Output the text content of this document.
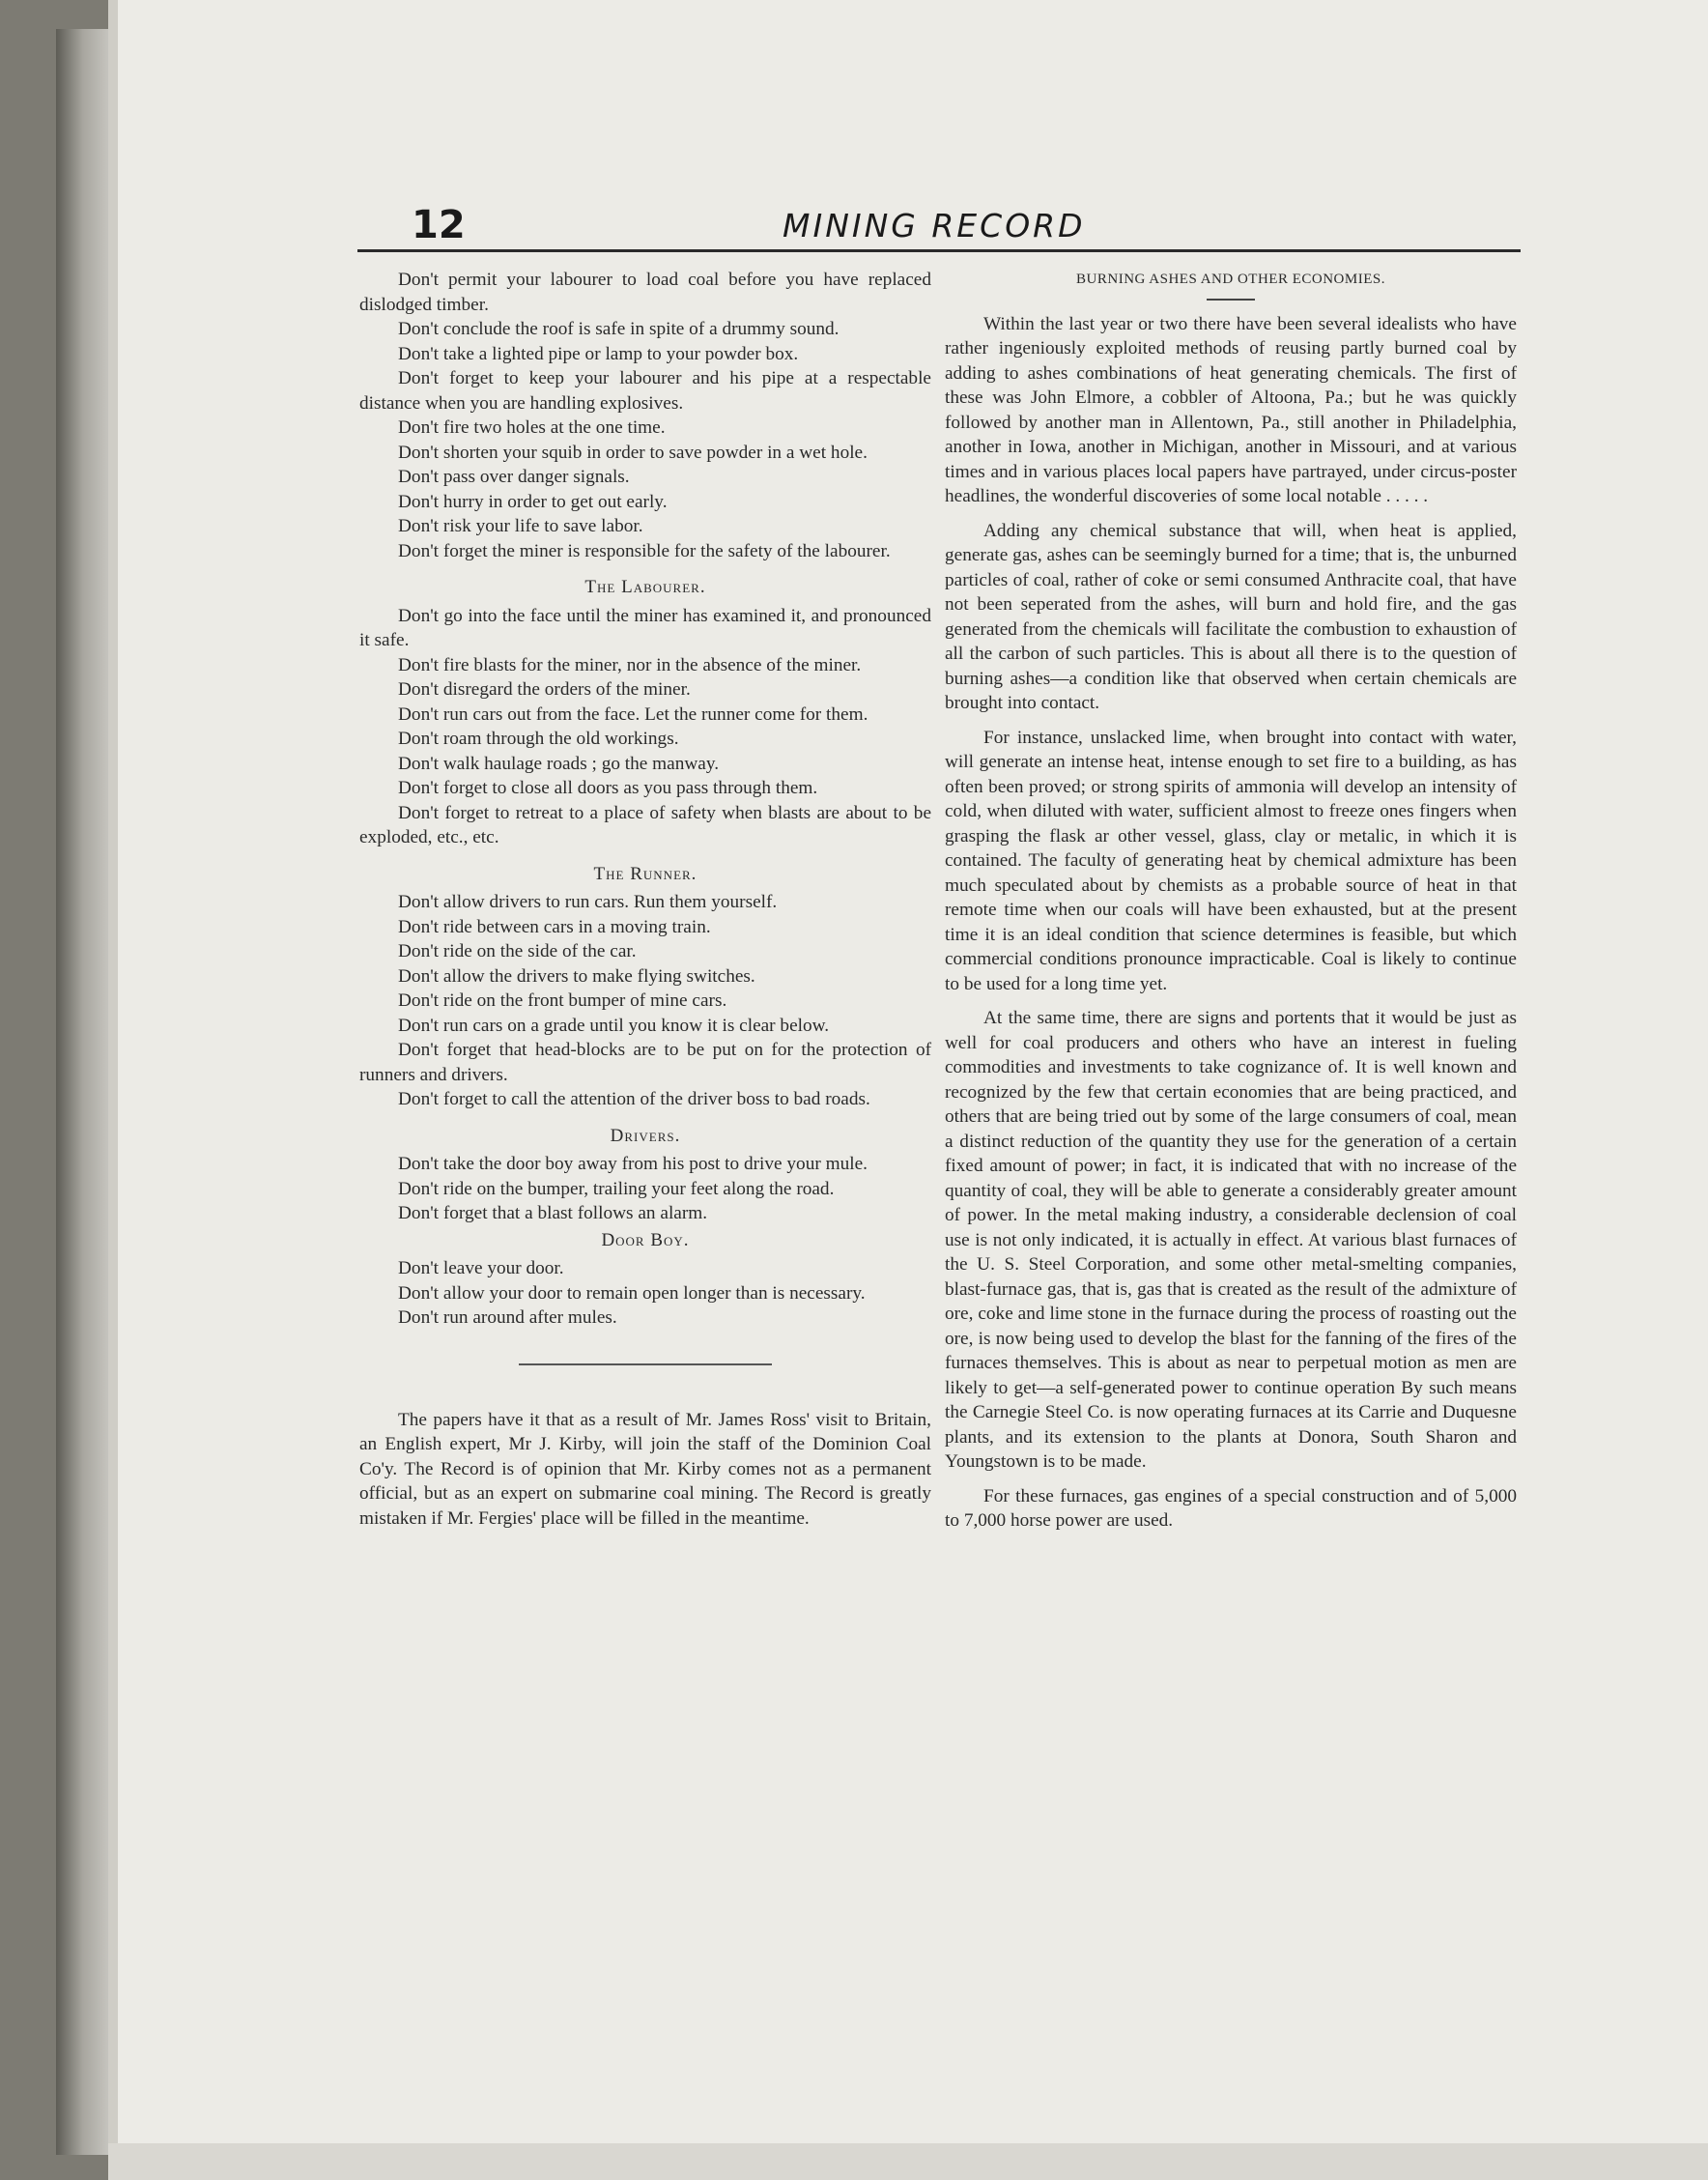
12	MINING RECORD

Don't permit your labourer to load coal before you have replaced dislodged timber.

Don't conclude the roof is safe in spite of a drummy sound.

Don't take a lighted pipe or lamp to your powder box.

Don't forget to keep your labourer and his pipe at a respectable distance when you are handling explosives.

Don't fire two holes at the one time.

Don't shorten your squib in order to save powder in a wet hole.

Don't pass over danger signals.

Don't hurry in order to get out early.

Don't risk your life to save labor.

Don't forget the miner is responsible for the safety of the labourer.

The Labourer.

Don't go into the face until the miner has examined it, and pronounced it safe.

Don't fire blasts for the miner, nor in the absence of the miner.

Don't disregard the orders of the miner.

Don't run cars out from the face. Let the runner come for them.

Don't roam through the old workings.

Don't walk haulage roads ; go the manway.

Don't forget to close all doors as you pass through them.

Don't forget to retreat to a place of safety when blasts are about to be exploded, etc., etc.

The Runner.

Don't allow drivers to run cars. Run them yourself.

Don't ride between cars in a moving train.

Don't ride on the side of the car.

Don't allow the drivers to make flying switches.

Don't ride on the front bumper of mine cars.

Don't run cars on a grade until you know it is clear below.

Don't forget that head-blocks are to be put on for the protection of runners and drivers.

Don't forget to call the attention of the driver boss to bad roads.

Drivers.

Don't take the door boy away from his post to drive your mule.

Don't ride on the bumper, trailing your feet along the road.

Don't forget that a blast follows an alarm.

Door Boy.

Don't leave your door.

Don't allow your door to remain open longer than is necessary.

Don't run around after mules.

The papers have it that as a result of Mr. James Ross' visit to Britain, an English expert, Mr J. Kirby, will join the staff of the Dominion Coal Co'y. The Record is of opinion that Mr. Kirby comes not as a permanent official, but as an expert on submarine coal mining. The Record is greatly mistaken if Mr. Fergies' place will be filled in the meantime.

BURNING ASHES AND OTHER ECONOMIES.

Within the last year or two there have been several idealists who have rather ingeniously exploited methods of reusing partly burned coal by adding to ashes combinations of heat generating chemicals. The first of these was John Elmore, a cobbler of Altoona, Pa.; but he was quickly followed by another man in Allentown, Pa., still another in Philadelphia, another in Iowa, another in Michigan, another in Missouri, and at various times and in various places local papers have partrayed, under circus-poster headlines, the wonderful discoveries of some local notable . . . . .

Adding any chemical substance that will, when heat is applied, generate gas, ashes can be seemingly burned for a time; that is, the unburned particles of coal, rather of coke or semi consumed Anthracite coal, that have not been seperated from the ashes, will burn and hold fire, and the gas generated from the chemicals will facilitate the combustion to exhaustion of all the carbon of such particles. This is about all there is to the question of burning ashes—a condition like that observed when certain chemicals are brought into contact.

For instance, unslacked lime, when brought into contact with water, will generate an intense heat, intense enough to set fire to a building, as has often been proved; or strong spirits of ammonia will develop an intensity of cold, when diluted with water, sufficient almost to freeze ones fingers when grasping the flask ar other vessel, glass, clay or metalic, in which it is contained. The faculty of generating heat by chemical admixture has been much speculated about by chemists as a probable source of heat in that remote time when our coals will have been exhausted, but at the present time it is an ideal condition that science determines is feasible, but which commercial conditions pronounce impracticable. Coal is likely to continue to be used for a long time yet.

At the same time, there are signs and portents that it would be just as well for coal producers and others who have an interest in fueling commodities and investments to take cognizance of. It is well known and recognized by the few that certain economies that are being practiced, and others that are being tried out by some of the large consumers of coal, mean a distinct reduction of the quantity they use for the generation of a certain fixed amount of power; in fact, it is indicated that with no increase of the quantity of coal, they will be able to generate a considerably greater amount of power. In the metal making industry, a considerable declension of coal use is not only indicated, it is actually in effect. At various blast furnaces of the U. S. Steel Corporation, and some other metal-smelting companies, blast-furnace gas, that is, gas that is created as the result of the admixture of ore, coke and lime stone in the furnace during the process of roasting out the ore, is now being used to develop the blast for the fanning of the fires of the furnaces themselves. This is about as near to perpetual motion as men are likely to get—a self-generated power to continue operation By such means the Carnegie Steel Co. is now operating furnaces at its Carrie and Duquesne plants, and its extension to the plants at Donora, South Sharon and Youngstown is to be made.

For these furnaces, gas engines of a special construction and of 5,000 to 7,000 horse power are used.
